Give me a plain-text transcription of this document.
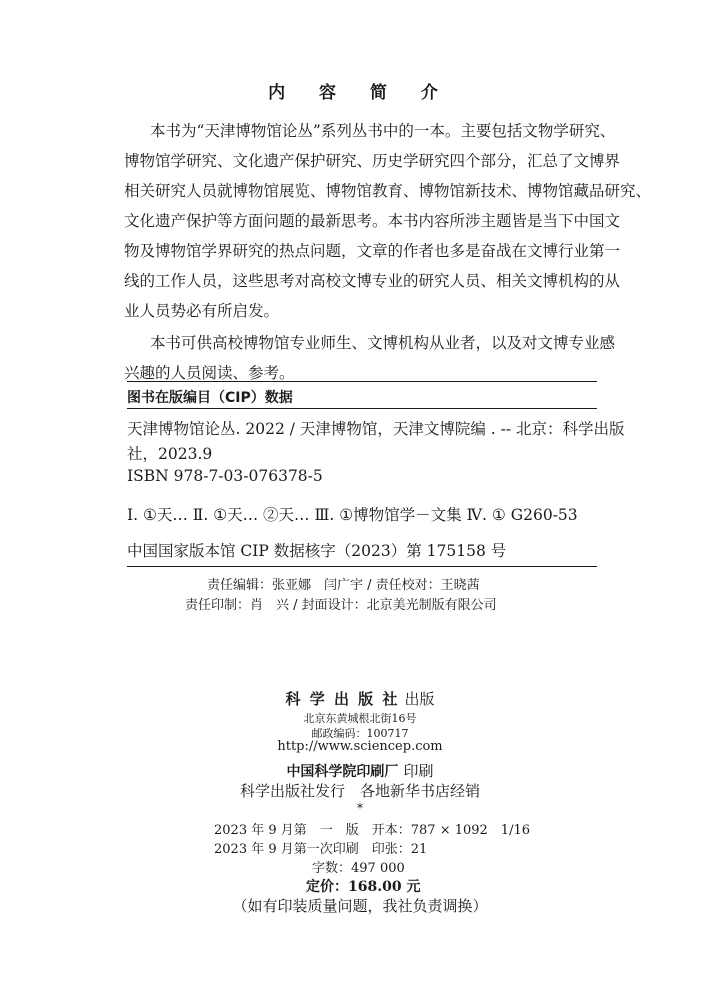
内 容 简 介
本书为“天津博物馆论丛”系列丛书中的一本。主要包括文物学研究、
博物馆学研究、文化遗产保护研究、历史学研究四个部分，汇总了文博界
相关研究人员就博物馆展览、博物馆教育、博物馆新技术、博物馆藏品研究、
文化遗产保护等方面问题的最新思考。本书内容所涉主题皆是当下中国文
物及博物馆学界研究的热点问题，文章的作者也多是奋战在文博行业第一
线的工作人员，这些思考对高校文博专业的研究人员、相关文博机构的从
业人员势必有所启发。
本书可供高校博物馆专业师生、文博机构从业者，以及对文博专业感
兴趣的人员阅读、参考。
图书在版编目（CIP）数据
天津博物馆论丛. 2022 / 天津博物馆，天津文博院编 . -- 北京：科学出版
社，2023.9
ISBN 978-7-03-076378-5
Ⅰ. ①天… Ⅱ. ①天… ②天… Ⅲ. ①博物馆学－文集 Ⅳ. ① G260-53
中国国家版本馆 CIP 数据核字（2023）第 175158 号
责任编辑：张亚娜　闫广宇 / 责任校对：王晓茜
责任印制：肖　兴 / 封面设计：北京美光制版有限公司
科 学 出 版 社 出版
北京东黄城根北街16号
邮政编码：100717
http://www.sciencep.com
中国科学院印刷厂 印刷
科学出版社发行　各地新华书店经销
*
2023 年 9 月第　一　版　开本：787 × 1092　1/16
2023 年 9 月第一次印刷　印张：21
字数：497 000
定价：168.00 元
（如有印装质量问题，我社负责调换）
